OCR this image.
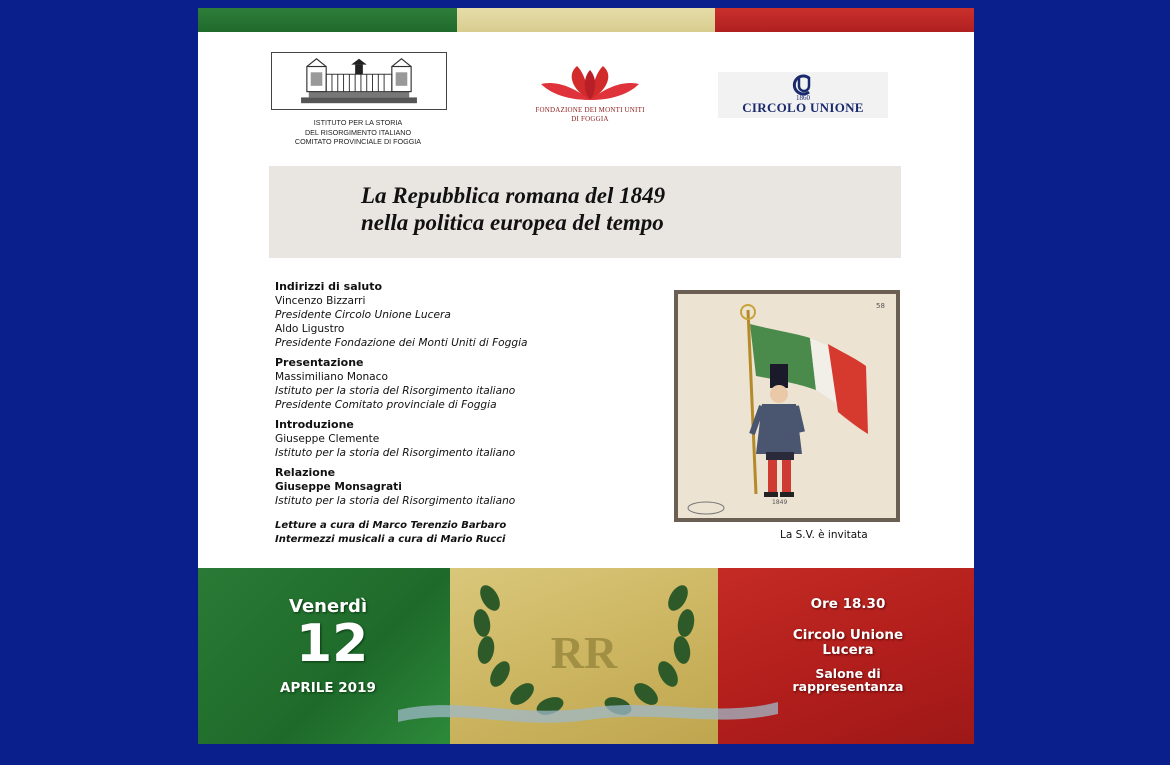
ISTITUTO PER LA STORIA
DEL RISORGIMENTO ITALIANO
COMITATO PROVINCIALE DI FOGGIA
FONDAZIONE DEI MONTI UNITI
DI FOGGIA
1860
CIRCOLO UNIONE
La Repubblica romana del 1849
nella politica europea del tempo
Indirizzi di saluto
Vincenzo Bizzarri
Presidente Circolo Unione Lucera
Aldo Ligustro
Presidente Fondazione dei Monti Uniti di Foggia
Presentazione
Massimiliano Monaco
Istituto per la storia del Risorgimento italiano
Presidente Comitato provinciale di Foggia
Introduzione
Giuseppe Clemente
Istituto per la storia del Risorgimento italiano
Relazione
Giuseppe Monsagrati
Istituto per la storia del Risorgimento italiano
Letture a cura di Marco Terenzio Barbaro
Intermezzi musicali a cura di Mario Rucci
58
1849
La S.V. è invitata
RR
Venerdì
12
APRILE 2019
Ore 18.30
Circolo Unione
Lucera
Salone di
rappresentanza
